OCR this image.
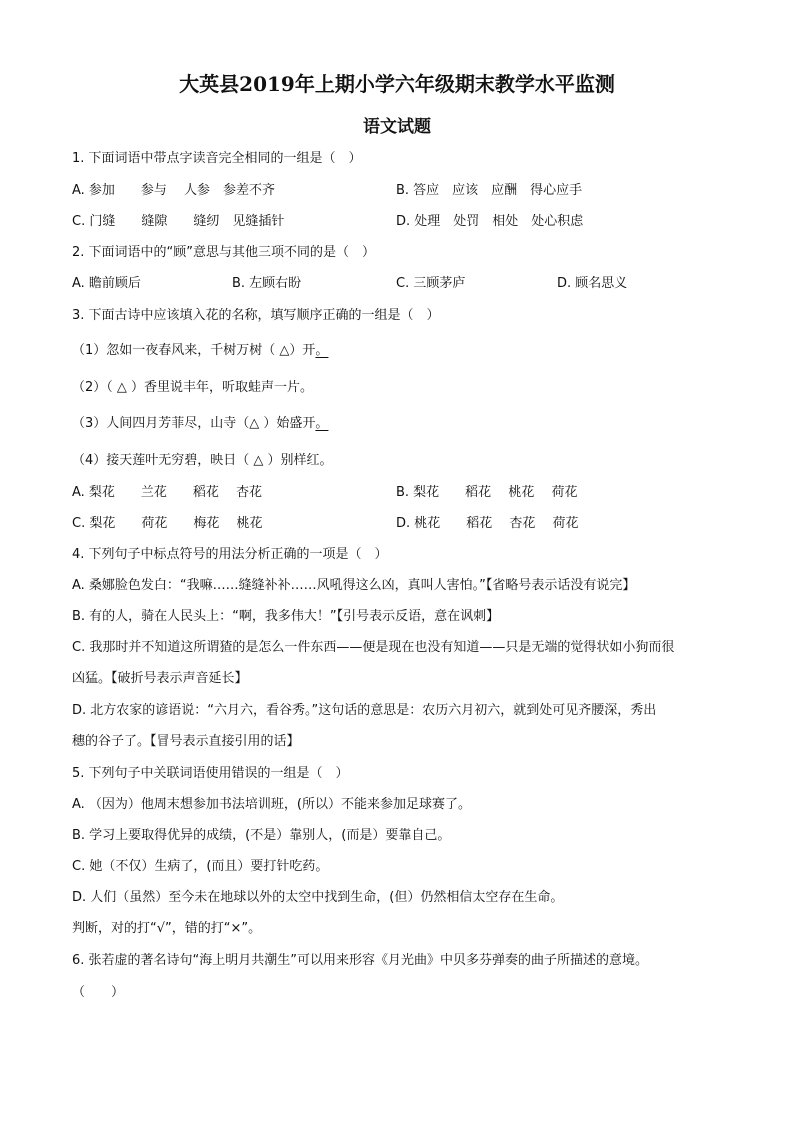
大英县2019年上期小学六年级期末教学水平监测
语文试题
1. 下面词语中带点字读音完全相同的一组是（　）
A. 参加　　参与　 人参　参差不齐	B. 答应　应该　应酬　得心应手
C. 门缝　　缝隙　　缝纫　见缝插针	D. 处理　处罚　相处　处心积虑
2. 下面词语中的“顾”意思与其他三项不同的是（　）
A. 瞻前顾后	B. 左顾右盼	C. 三顾茅庐	D. 顾名思义
3. 下面古诗中应该填入花的名称，填写顺序正确的一组是（　）
（1）忽如一夜春风来，千树万树（ △）开。
（2）（ △ ）香里说丰年，听取蛙声一片。
（3）人间四月芳菲尽，山寺（△ ）始盛开。
（4）接天莲叶无穷碧，映日（ △ ）别样红。
A. 梨花　　兰花　　稻花　 杏花	B. 梨花　　稻花　 桃花　 荷花
C. 梨花　　荷花　　梅花　 桃花	D. 桃花　　稻花　 杏花　 荷花
4. 下列句子中标点符号的用法分析正确的一项是（　）
A. 桑娜脸色发白：“我嘛……缝缝补补……风吼得这么凶，真叫人害怕。”【省略号表示话没有说完】
B. 有的人，骑在人民头上：“啊，我多伟大！”【引号表示反语，意在讽刺】
C. 我那时并不知道这所谓猹的是怎么一件东西——便是现在也没有知道——只是无端的觉得状如小狗而很
凶猛。【破折号表示声音延长】
D. 北方农家的谚语说：“六月六，看谷秀。”这句话的意思是：农历六月初六，就到处可见齐腰深，秀出
穗的谷子了。【冒号表示直接引用的话】
5. 下列句子中关联词语使用错误的一组是（　）
A. （因为）他周末想参加书法培训班，(所以）不能来参加足球赛了。
B. 学习上要取得优异的成绩，(不是）靠别人，(而是）要靠自己。
C. 她（不仅）生病了，(而且）要打针吃药。
D. 人们（虽然）至今未在地球以外的太空中找到生命，(但）仍然相信太空存在生命。
判断，对的打“√”，错的打“×”。
6. 张若虚的著名诗句“海上明月共潮生”可以用来形容《月光曲》中贝多芬弹奏的曲子所描述的意境。
（　　）
